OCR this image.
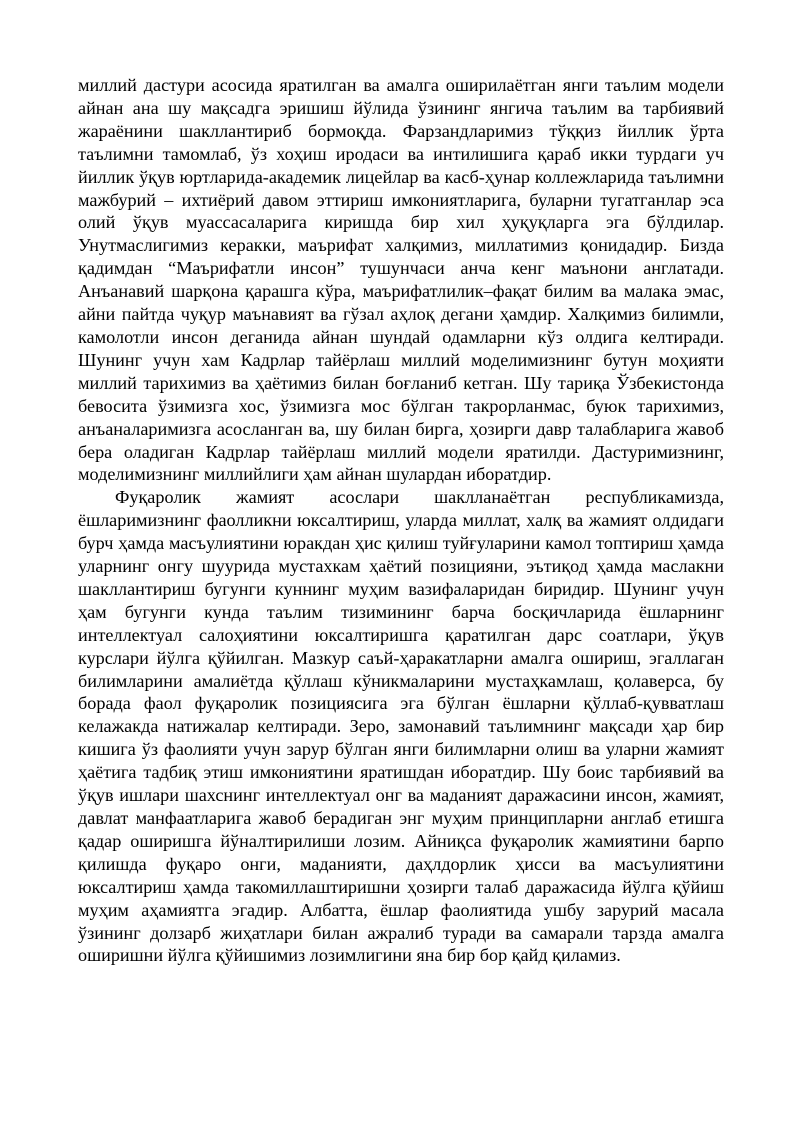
миллий дастури асосида яратилган ва амалга оширилаётган янги таълим модели айнан ана шу мақсадга эришиш йўлида ўзининг янгича таълим ва тарбиявий жараёнини шакллантириб бормоқда. Фарзандларимиз тўққиз йиллик ўрта таълимни тамомлаб, ўз хоҳиш иродаси ва интилишига қараб икки турдаги уч йиллик ўқув юртларида-академик лицейлар ва касб-ҳунар коллежларида таълимни мажбурий – ихтиёрий давом эттириш имкониятларига, буларни тугатганлар эса олий ўқув муассасаларига киришда бир хил ҳуқуқларга эга бўлдилар. Унутмаслигимиз керакки, маърифат халқимиз, миллатимиз қонидадир. Бизда қадимдан “Маърифатли инсон” тушунчаси анча кенг маънони англатади. Анъанавий шарқона қарашга кўра, маърифатлилик–фақат билим ва малака эмас, айни пайтда чуқур маънавият ва гўзал аҳлоқ дегани ҳамдир. Халқимиз билимли, камолотли инсон деганида айнан шундай одамларни кўз олдига келтиради. Шунинг учун хам Кадрлар тайёрлаш миллий моделимизнинг бутун моҳияти миллий тарихимиз ва ҳаётимиз билан боғланиб кетган. Шу тариқа Ўзбекистонда бевосита ўзимизга хос, ўзимизга мос бўлган такрорланмас, буюк тарихимиз, анъаналаримизга асосланган ва, шу билан бирга, ҳозирги давр талабларига жавоб бера оладиган Кадрлар тайёрлаш миллий модели яратилди. Дастуримизнинг, моделимизнинг миллийлиги ҳам айнан шулардан иборатдир.

Фуқаролик жамият асослари шаклланаётган республикамизда, ёшларимизнинг фаолликни юксалтириш, уларда миллат, халқ ва жамият олдидаги бурч ҳамда масъулиятини юракдан ҳис қилиш туйғуларини камол топтириш ҳамда уларнинг онгу шуурида мустахкам ҳаётий позицияни, эътиқод ҳамда маслакни шакллантириш бугунги куннинг муҳим вазифаларидан биридир. Шунинг учун ҳам бугунги кунда таълим тизимининг барча босқичларида ёшларнинг интеллектуал салоҳиятини юксалтиришга қаратилган дарс соатлари, ўқув курслари йўлга қўйилган. Мазкур саъй-ҳаракатларни амалга ошириш, эгаллаган билимларини амалиётда қўллаш кўникмаларини мустаҳкамлаш, қолаверса, бу борада фаол фуқаролик позициясига эга бўлган ёшларни қўллаб-қувватлаш келажакда натижалар келтиради. Зеро, замонавий таълимнинг мақсади ҳар бир кишига ўз фаолияти учун зарур бўлган янги билимларни олиш ва уларни жамият ҳаётига тадбиқ этиш имкониятини яратишдан иборатдир. Шу боис тарбиявий ва ўқув ишлари шахснинг интеллектуал онг ва маданият даражасини инсон, жамият, давлат манфаатларига жавоб берадиган энг муҳим принципларни англаб етишга қадар оширишга йўналтирилиши лозим. Айниқса фуқаролик жамиятини барпо қилишда фуқаро онги, маданияти, даҳлдорлик ҳисси ва масъулиятини юксалтириш ҳамда такомиллаштиришни ҳозирги талаб даражасида йўлга қўйиш муҳим аҳамиятга эгадир. Албатта, ёшлар фаолиятида ушбу зарурий масала ўзининг долзарб жиҳатлари билан ажралиб туради ва самарали тарзда амалга оширишни йўлга қўйишимиз лозимлигини яна бир бор қайд қиламиз.
